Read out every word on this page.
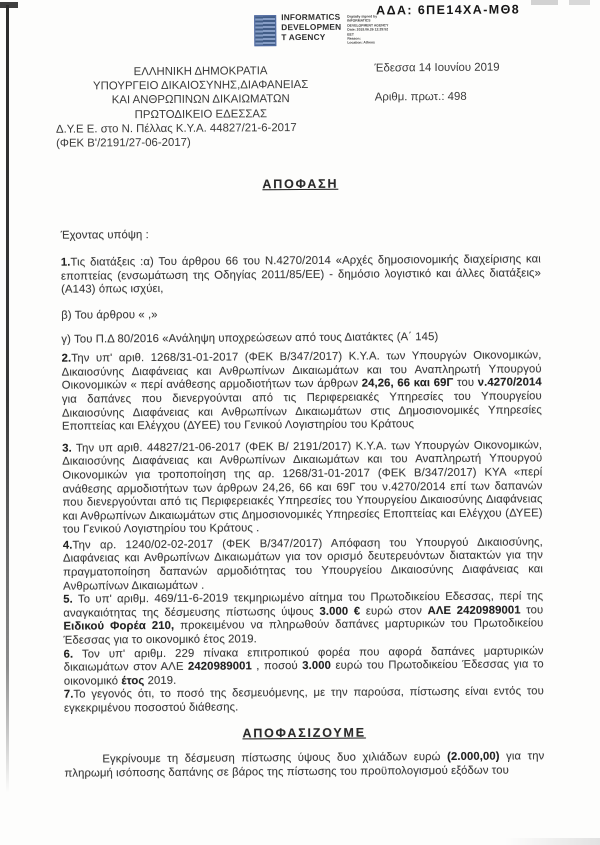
ΑΔΑ: 6ΠΕ14ΧΑ-ΜΘ8
INFORMATICS
DEVELOPMEN
T AGENCY
Digitally signed by
INFORMATICS
DEVELOPMENT AGENCY
Date: 2019.06.26 12:29:52
EET
Reason:
Location: Athens
ΕΛΛΗΝΙΚΗ ΔΗΜΟΚΡΑΤΙΑ
ΥΠΟΥΡΓΕΙΟ ΔΙΚΑΙΟΣΥΝΗΣ,ΔΙΑΦΑΝΕΙΑΣ
ΚΑΙ ΑΝΘΡΩΠΙΝΩΝ ΔΙΚΑΙΩΜΑΤΩΝ
ΠΡΩΤΟΔΙΚΕΙΟ ΕΔΕΣΣΑΣ
Δ.Υ.Ε Ε. στο Ν. Πέλλας Κ.Υ.Α. 44827/21-6-2017
(ΦΕΚ Β'/2191/27-06-2017)
Έδεσσα 14 Ιουνίου 2019
Αριθμ. πρωτ.: 498
ΑΠΟΦΑΣΗ
Έχοντας υπόψη :

1.Τις διατάξεις :α) Του άρθρου 66 του Ν.4270/2014 «Αρχές δημοσιονομικής διαχείρισης και εποπτείας (ενσωμάτωση της Οδηγίας 2011/85/ΕΕ) - δημόσιο λογιστικό και άλλες διατάξεις» (Α143) όπως ισχύει,

β) Του άρθρου « ,»

γ) Του Π.Δ 80/2016 «Ανάληψη υποχρεώσεων από τους Διατάκτες (Α΄ 145)

2.Την υπ' αριθ. 1268/31-01-2017 (ΦΕΚ Β/347/2017) Κ.Υ.Α. των Υπουργών Οικονομικών, Δικαιοσύνης Διαφάνειας και Ανθρωπίνων Δικαιωμάτων και του Αναπληρωτή Υπουργού Οικονομικών « περί ανάθεσης αρμοδιοτήτων των άρθρων 24,26, 66 και 69Γ του ν.4270/2014 για δαπάνες που διενεργούνται από τις Περιφερειακές Υπηρεσίες του Υπουργείου Δικαιοσύνης Διαφάνειας και Ανθρωπίνων Δικαιωμάτων στις Δημοσιονομικές Υπηρεσίες Εποπτείας και Ελέγχου (ΔΥΕΕ) του Γενικού Λογιστηρίου του Κράτους

3. Την υπ αριθ. 44827/21-06-2017 (ΦΕΚ Β/ 2191/2017) Κ.Υ.Α. των Υπουργών Οικονομικών, Δικαιοσύνης Διαφάνειας και Ανθρωπίνων Δικαιωμάτων και του Αναπληρωτή Υπουργού Οικονομικών για τροποποίηση της αρ. 1268/31-01-2017 (ΦΕΚ Β/347/2017) ΚΥΑ «περί ανάθεσης αρμοδιοτήτων των άρθρων 24,26, 66 και 69Γ του ν.4270/2014 επί των δαπανών που διενεργούνται από τις Περιφερειακές Υπηρεσίες του Υπουργείου Δικαιοσύνης Διαφάνειας και Ανθρωπίνων Δικαιωμάτων στις Δημοσιονομικές Υπηρεσίες Εποπτείας και Ελέγχου (ΔΥΕΕ) του Γενικού Λογιστηρίου του Κράτους .

4.Την αρ. 1240/02-02-2017 (ΦΕΚ Β/347/2017) Απόφαση του Υπουργού Δικαιοσύνης, Διαφάνειας και Ανθρωπίνων Δικαιωμάτων για τον ορισμό δευτερευόντων διατακτών για την πραγματοποίηση δαπανών αρμοδιότητας του Υπουργείου Δικαιοσύνης Διαφάνειας και Ανθρωπίνων Δικαιωμάτων .

5. Το υπ' αριθμ. 469/11-6-2019 τεκμηριωμένο αίτημα του Πρωτοδικείου Εδεσσας, περί της αναγκαιότητας της δέσμευσης πίστωσης ύψους 3.000 € ευρώ στον ΑΛΕ 2420989001 του Ειδικού Φορέα 210, προκειμένου να πληρωθούν δαπάνες μαρτυρικών του Πρωτοδικείου Έδεσσας για το οικονομικό έτος 2019.

6. Τον υπ' αριθμ. 229 πίνακα επιτροπικού φορέα που αφορά δαπάνες μαρτυρικών δικαιωμάτων στον ΑΛΕ 2420989001 , ποσού 3.000 ευρώ του Πρωτοδικείου Έδεσσας για το οικονομικό έτος 2019.

7.Το γεγονός ότι, το ποσό της δεσμευόμενης, με την παρούσα, πίστωσης είναι εντός του εγκεκριμένου ποσοστού διάθεσης.

ΑΠΟΦΑΣΙΖΟΥΜΕ

Εγκρίνουμε τη δέσμευση πίστωσης ύψους δυο χιλιάδων ευρώ (2.000,00) για την πληρωμή ισόποσης δαπάνης σε βάρος της πίστωσης του προϋπολογισμού εξόδων του
